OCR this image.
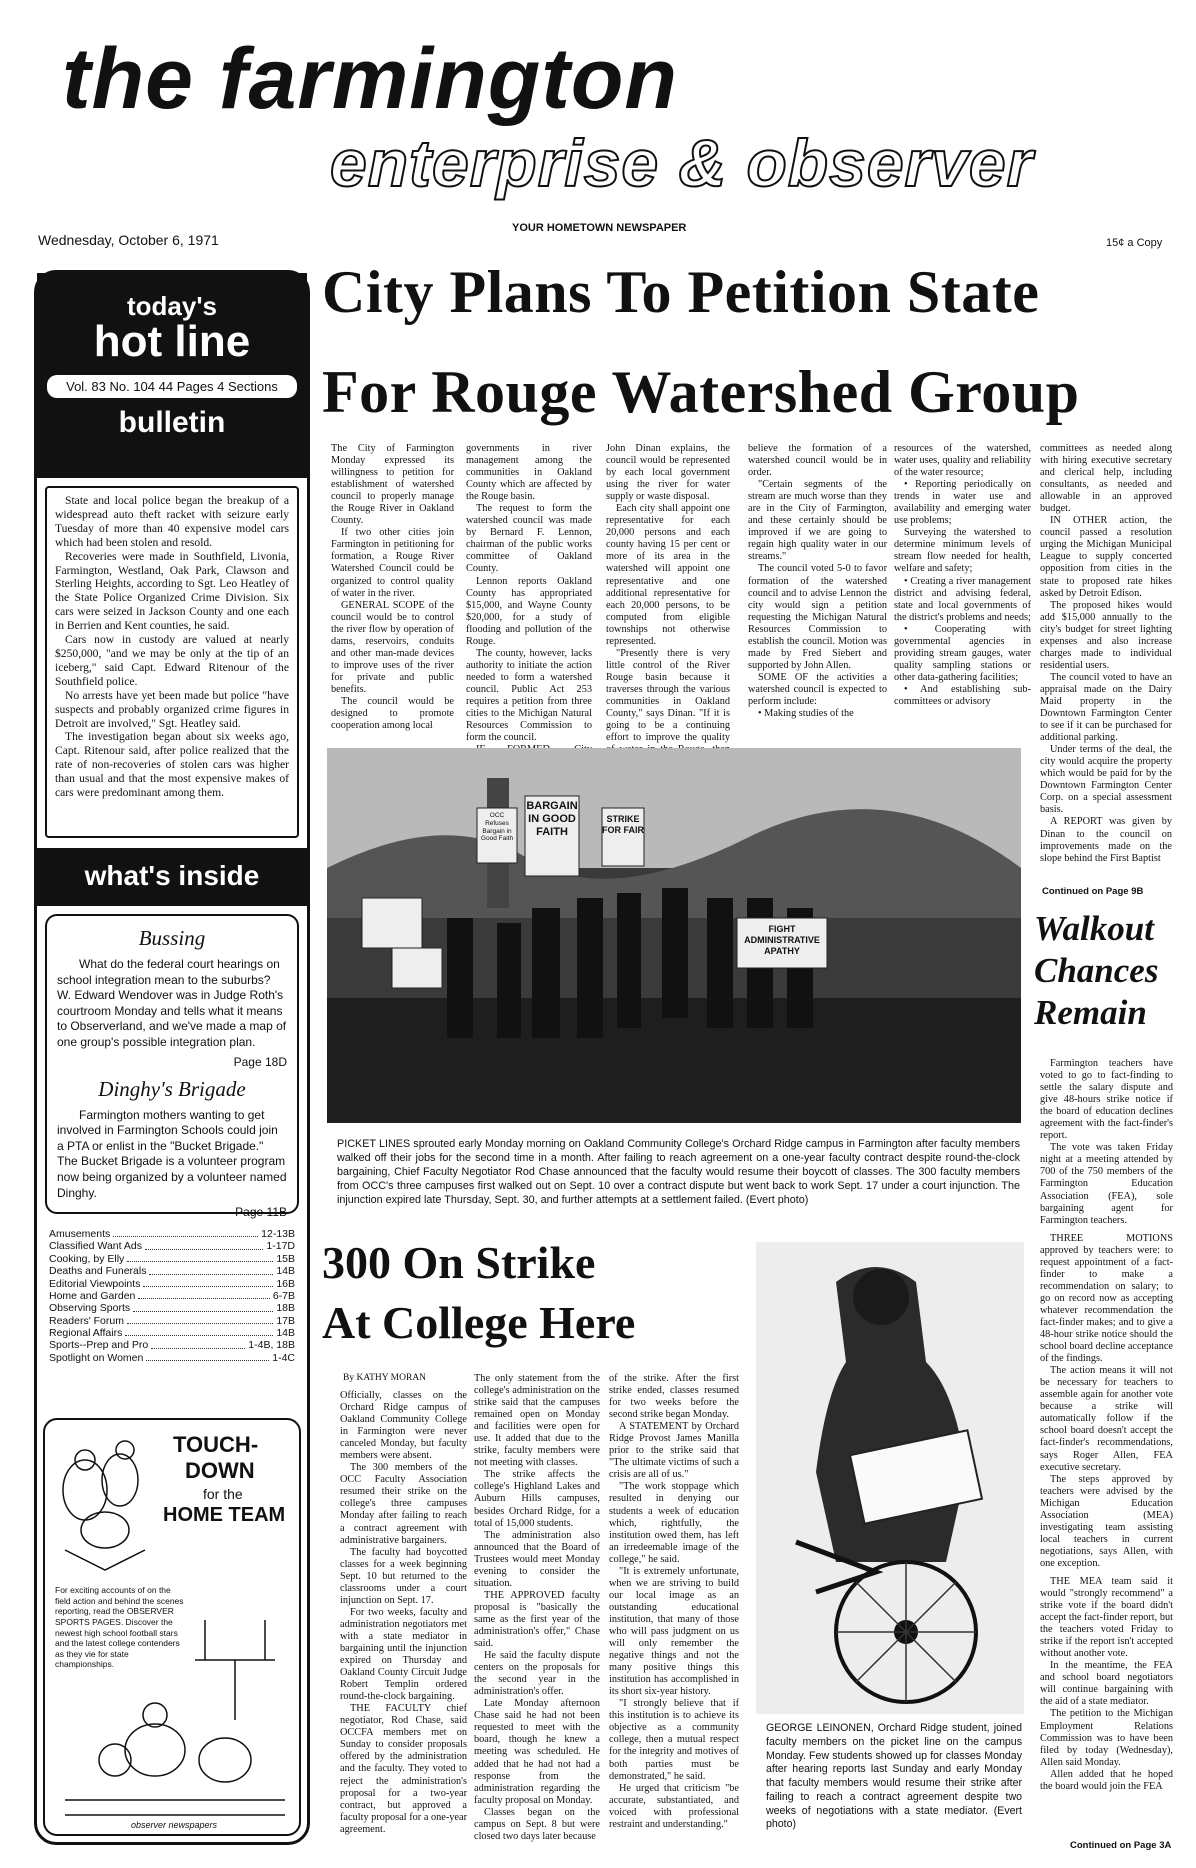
the farmington
enterprise & observer
YOUR HOMETOWN NEWSPAPER
Wednesday, October 6, 1971	15¢ a Copy
today's
hot line
Vol. 83 No. 104 44 Pages 4 Sections
bulletin

State and local police began the breakup of a widespread auto theft racket with seizure early Tuesday of more than 40 expensive model cars which had been stolen and resold.

Recoveries were made in Southfield, Livonia, Farmington, Westland, Oak Park, Clawson and Sterling Heights, according to Sgt. Leo Heatley of the State Police Organized Crime Division. Six cars were seized in Jackson County and one each in Berrien and Kent counties, he said.

Cars now in custody are valued at nearly $250,000, "and we may be only at the tip of an iceberg," said Capt. Edward Ritenour of the Southfield police.

No arrests have yet been made but police "have suspects and probably organized crime figures in Detroit are involved," Sgt. Heatley said.

The investigation began about six weeks ago, Capt. Ritenour said, after police realized that the rate of non-recoveries of stolen cars was higher than usual and that the most expensive makes of cars were predominant among them.

what's inside
Bussing
What do the federal court hearings on school integration mean to the suburbs? W. Edward Wendover was in Judge Roth's courtroom Monday and tells what it means to Observerland, and we've made a map of one group's possible integration plan.
Page 18D
Dinghy's Brigade
Farmington mothers wanting to get involved in Farmington Schools could join a PTA or enlist in the "Bucket Brigade." The Bucket Brigade is a volunteer program now being organized by a volunteer named Dinghy.
Page 11B
Amusements	12-13B
Classified Want Ads	1-17D
Cooking, by Elly	15B
Deaths and Funerals	14B
Editorial Viewpoints	16B
Home and Garden	6-7B
Observing Sports	18B
Readers' Forum	17B
Regional Affairs	14B
Sports--Prep and Pro	1-4B, 18B
Spotlight on Women	1-4C
TOUCH-
DOWN
for the
HOME TEAM
For exciting accounts of on the field action and behind the scenes reporting, read the OBSERVER SPORTS PAGES. Discover the newest high school football stars and the latest college contenders as they vie for state championships.
observer newspapers
City Plans To Petition State
For Rouge Watershed Group

The City of Farmington Monday expressed its willingness to petition for establishment of watershed council to properly manage the Rouge River in Oakland County.

If two other cities join Farmington in petitioning for formation, a Rouge River Watershed Council could be organized to control quality of water in the river.

GENERAL SCOPE of the council would be to control the river flow by operation of dams, reservoirs, conduits and other man-made devices to improve uses of the river for private and public benefits.

The council would be designed to promote cooperation among local

governments in river management among the communities in Oakland County which are affected by the Rouge basin.

The request to form the watershed council was made by Bernard F. Lennon, chairman of the public works committee of Oakland County.

Lennon reports Oakland County has appropriated $15,000, and Wayne County $20,000, for a study of flooding and pollution of the Rouge.

The county, however, lacks authority to initiate the action needed to form a watershed council. Public Act 253 requires a petition from three cities to the Michigan Natural Resources Commission to form the council.

John Dinan explains, the council would be represented by each local government using the river for water supply or waste disposal.

Each city shall appoint one representative for each 20,000 persons and each county having 15 per cent or more of its area in the watershed will appoint one representative and one additional representative for each 20,000 persons, to be computed from eligible townships not otherwise represented.

"Presently there is very little control of the River Rouge basin because it traverses through the various communities in Oakland County," says Dinan. "If it is going to be a continuing effort to improve the quality

believe the formation of a watershed council would be in order.

"Certain segments of the stream are much worse than they are in the City of Farmington, and these certainly should be improved if we are going to regain high quality water in our streams."

The council voted 5-0 to favor formation of the watershed council and to advise Lennon the city would sign a petition requesting the Michigan Natural Resources Commission to establish the council. Motion was made by Fred Siebert and supported by John Allen.

SOME OF the activities a watershed council is expected to perform include:

• Making studies of the

resources of the watershed, water uses, quality and reliability of the water resource;

• Reporting periodically on trends in water use and availability and emerging water use problems;

Surveying the watershed to determine minimum levels of stream flow needed for health, welfare and safety;

• Creating a river management district and advising federal, state and local governments of the district's problems and needs;

• Cooperating with governmental agencies in providing stream gauges, water quality sampling stations or other data-gathering facilities;

• And establishing sub-committees or advisory

committees as needed along with hiring executive secretary and clerical help, including consultants, as needed and allowable in an approved budget.

IN OTHER action, the council passed a resolution urging the Michigan Municipal League to supply concerted opposition from cities in the state to proposed rate hikes asked by Detroit Edison.

The proposed hikes would add $15,000 annually to the city's budget for street lighting expenses and also increase charges made to individual residential users.

The council voted to have an appraisal made on the Dairy Maid property in the Downtown Farmington Center to see if it can be purchased for additional parking.

Under terms of the deal, the city would acquire the property which would be paid for by the Downtown Farmington Center Corp. on a special assessment basis.

A REPORT was given by Dinan to the council on improvements made on the slope behind the First Baptist

Continued on Page 9B
BARGAIN IN GOOD FAITH
STRIKE FOR FAIR
FIGHT ADMINISTRATIVE APATHY
OCC Refuses Bargain in Good Faith
PICKET LINES sprouted early Monday morning on Oakland Community College's Orchard Ridge campus in Farmington after faculty members walked off their jobs for the second time in a month. After failing to reach agreement on a one-year faculty contract despite round-the-clock bargaining, Chief Faculty Negotiator Rod Chase announced that the faculty would resume their boycott of classes. The 300 faculty members from OCC's three campuses first walked out on Sept. 10 over a contract dispute but went back to work Sept. 17 under a court injunction. The injunction expired late Thursday, Sept. 30, and further attempts at a settlement failed. (Evert photo)
Walkout Chances Remain

Farmington teachers have voted to go to fact-finding to settle the salary dispute and give 48-hours strike notice if the board of education declines agreement with the fact-finder's report.

The vote was taken Friday night at a meeting attended by 700 of the 750 members of the Farmington Education Association (FEA), sole bargaining agent for Farmington teachers.

THREE MOTIONS approved by teachers were: to request appointment of a fact-finder to make a recommendation on salary; to go on record now as accepting whatever recommendation the fact-finder makes; and to give a 48-hour strike notice should the school board decline acceptance of the findings.

The action means it will not be necessary for teachers to assemble again for another vote because a strike will automatically follow if the school board doesn't accept the fact-finder's recommendations, says Roger Allen, FEA executive secretary.

The steps approved by teachers were advised by the Michigan Education Association (MEA) investigating team assisting local teachers in current negotiations, says Allen, with one exception.

THE MEA team said it would "strongly recommend" a strike vote if the board didn't accept the fact-finder report, but the teachers voted Friday to strike if the report isn't accepted without another vote.

In the meantime, the FEA and school board negotiators will continue bargaining with the aid of a state mediator.

The petition to the Michigan Employment Relations Commission was to have been filed by today (Wednesday), Allen said Monday.

Allen added that he hoped the board would join the FEA

Continued on Page 3A
300 On Strike
At College Here
By KATHY MORAN

Officially, classes on the Orchard Ridge campus of Oakland Community College in Farmington were never canceled Monday, but faculty members were absent.

The 300 members of the OCC Faculty Association resumed their strike on the college's three campuses Monday after failing to reach a contract agreement with administrative bargainers.

The faculty had boycotted classes for a week beginning Sept. 10 but returned to the classrooms under a court injunction on Sept. 17.

For two weeks, faculty and administration negotiators met with a state mediator in bargaining until the injunction expired on Thursday and Oakland County Circuit Judge Robert Templin ordered round-the-clock bargaining.

THE FACULTY chief negotiator, Rod Chase, said OCCFA members met on Sunday to consider proposals offered by the administration and the faculty. They voted to reject the administration's proposal for a two-year contract, but approved a faculty proposal for a one-year agreement.

The only statement from the college's administration on the strike said that the campuses remained open on Monday and facilities were open for use. It added that due to the strike, faculty members were not meeting with classes.

The strike affects the college's Highland Lakes and Auburn Hills campuses, besides Orchard Ridge, for a total of 15,000 students.

The administration also announced that the Board of Trustees would meet Monday evening to consider the situation.

THE APPROVED faculty proposal is "basically the same as the first year of the administration's offer," Chase said.

He said the faculty dispute centers on the proposals for the second year in the administration's offer.

Late Monday afternoon Chase said he had not been requested to meet with the board, though he knew a meeting was scheduled. He added that he had not had a response from the administration regarding the faculty proposal on Monday.

Classes began on the campus on Sept. 8 but were closed two days later because

of the strike. After the first strike ended, classes resumed for two weeks before the second strike began Monday.

A STATEMENT by Orchard Ridge Provost James Manilla prior to the strike said that "The ultimate victims of such a crisis are all of us."

"The work stoppage which resulted in denying our students a week of education which, rightfully, the institution owed them, has left an irredeemable image of the college," he said.

"It is extremely unfortunate, when we are striving to build our local image as an outstanding educational institution, that many of those who will pass judgment on us will only remember the negative things and not the many positive things this institution has accomplished in its short six-year history.

"I strongly believe that if this institution is to achieve its objective as a community college, then a mutual respect for the integrity and motives of both parties must be demonstrated," he said.

He urged that criticism "be accurate, substantiated, and voiced with professional restraint and understanding."

GEORGE LEINONEN, Orchard Ridge student, joined faculty members on the picket line on the campus Monday. Few students showed up for classes Monday after hearing reports last Sunday and early Monday that faculty members would resume their strike after failing to reach a contract agreement despite two weeks of negotiations with a state mediator. (Evert photo)
